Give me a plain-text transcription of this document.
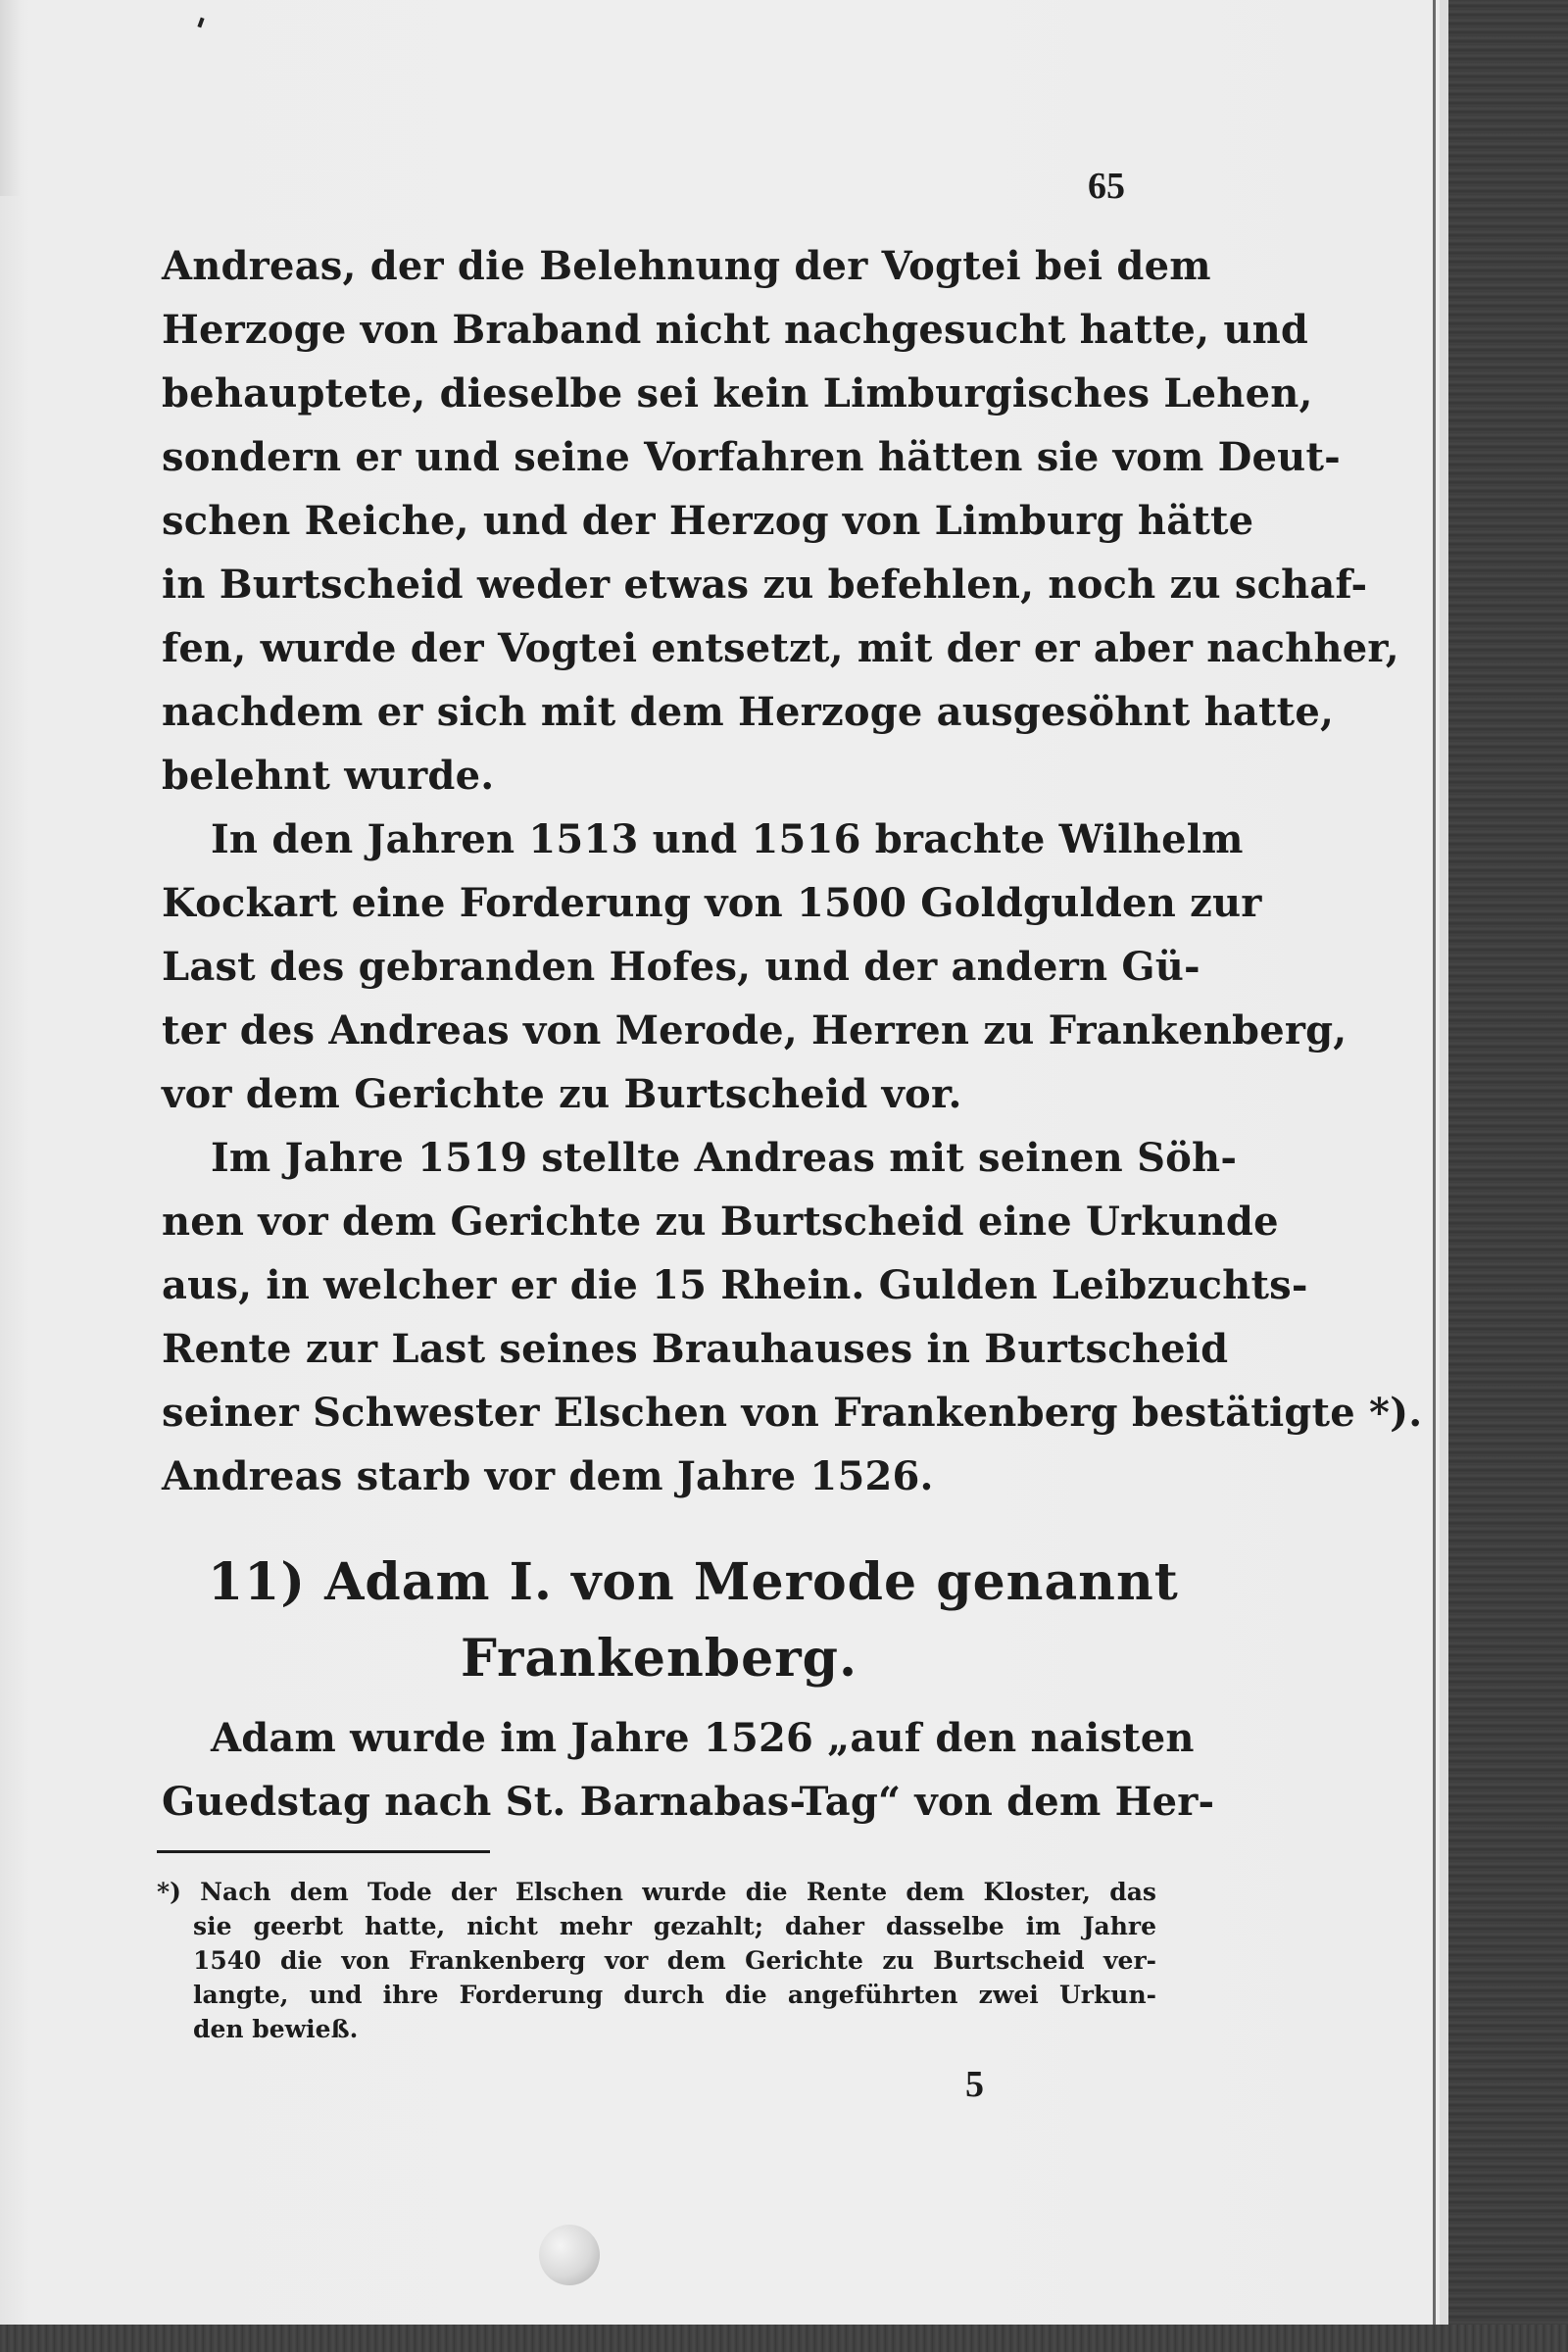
65
Andreas, der die Belehnung der Vogtei bei dem
Herzoge von Braband nicht nachgesucht hatte, und
behauptete, dieselbe sei kein Limburgisches Lehen,
sondern er und seine Vorfahren hätten sie vom Deut-
schen Reiche, und der Herzog von Limburg hätte
in Burtscheid weder etwas zu befehlen, noch zu schaf-
fen, wurde der Vogtei entsetzt, mit der er aber nachher,
nachdem er sich mit dem Herzoge ausgesöhnt hatte,
belehnt wurde.
In den Jahren 1513 und 1516 brachte Wilhelm
Kockart eine Forderung von 1500 Goldgulden zur
Last des gebranden Hofes, und der andern Gü-
ter des Andreas von Merode, Herren zu Frankenberg,
vor dem Gerichte zu Burtscheid vor.
Im Jahre 1519 stellte Andreas mit seinen Söh-
nen vor dem Gerichte zu Burtscheid eine Urkunde
aus, in welcher er die 15 Rhein. Gulden Leibzuchts-
Rente zur Last seines Brauhauses in Burtscheid
seiner Schwester Elschen von Frankenberg bestätigte *).
Andreas starb vor dem Jahre 1526.
11) Adam I. von Merode genannt
Frankenberg.
Adam wurde im Jahre 1526 „auf den naisten
Guedstag nach St. Barnabas-Tag“ von dem Her-
*) Nach dem Tode der Elschen wurde die Rente dem Kloster, das
sie geerbt hatte, nicht mehr gezahlt; daher dasselbe im Jahre
1540 die von Frankenberg vor dem Gerichte zu Burtscheid ver-
langte, und ihre Forderung durch die angeführten zwei Urkun-
den bewieß.
5
